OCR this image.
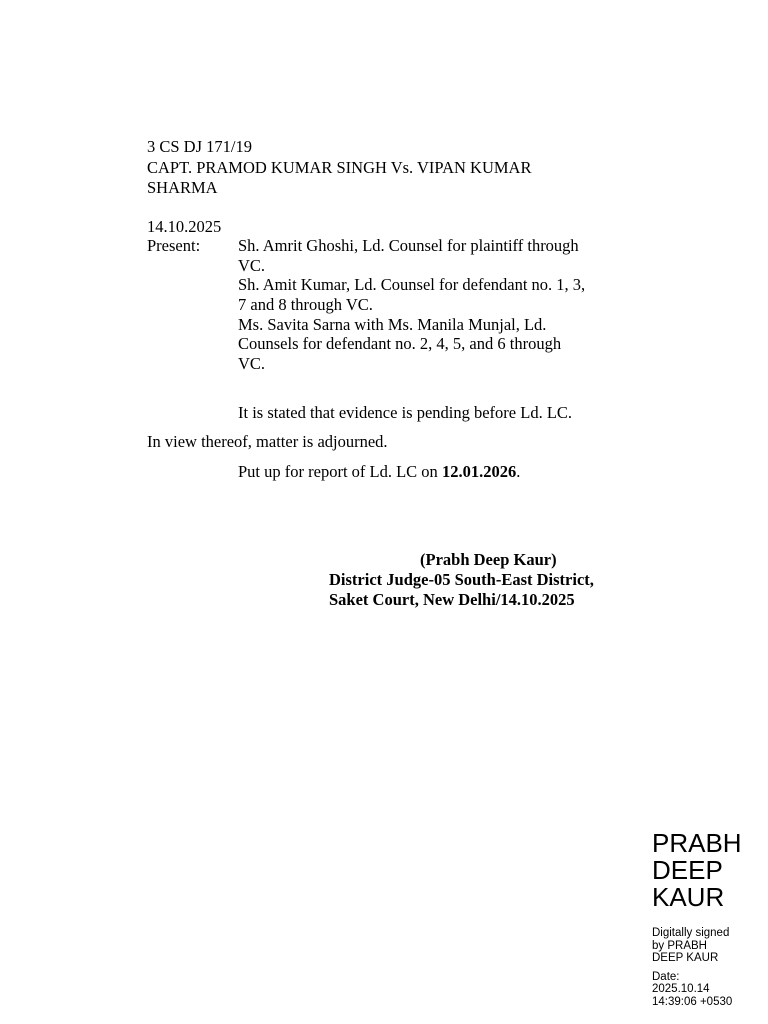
3 CS DJ 171/19
CAPT. PRAMOD KUMAR SINGH Vs. VIPAN KUMAR
SHARMA
14.10.2025
Present: Sh. Amrit Ghoshi, Ld. Counsel for plaintiff through
VC.
Sh. Amit Kumar, Ld. Counsel for defendant no. 1, 3,
7 and 8 through VC.
Ms. Savita Sarna with Ms. Manila Munjal, Ld.
Counsels for defendant no. 2, 4, 5, and 6 through
VC.
It is stated that evidence is pending before Ld. LC.
In view thereof, matter is adjourned.
Put up for report of Ld. LC on 12.01.2026.
(Prabh Deep Kaur)
District Judge-05 South-East District,
Saket Court, New Delhi/14.10.2025
PRABH
DEEP
KAUR
Digitally signed
by PRABH
DEEP KAUR
Date:
2025.10.14
14:39:06 +0530
